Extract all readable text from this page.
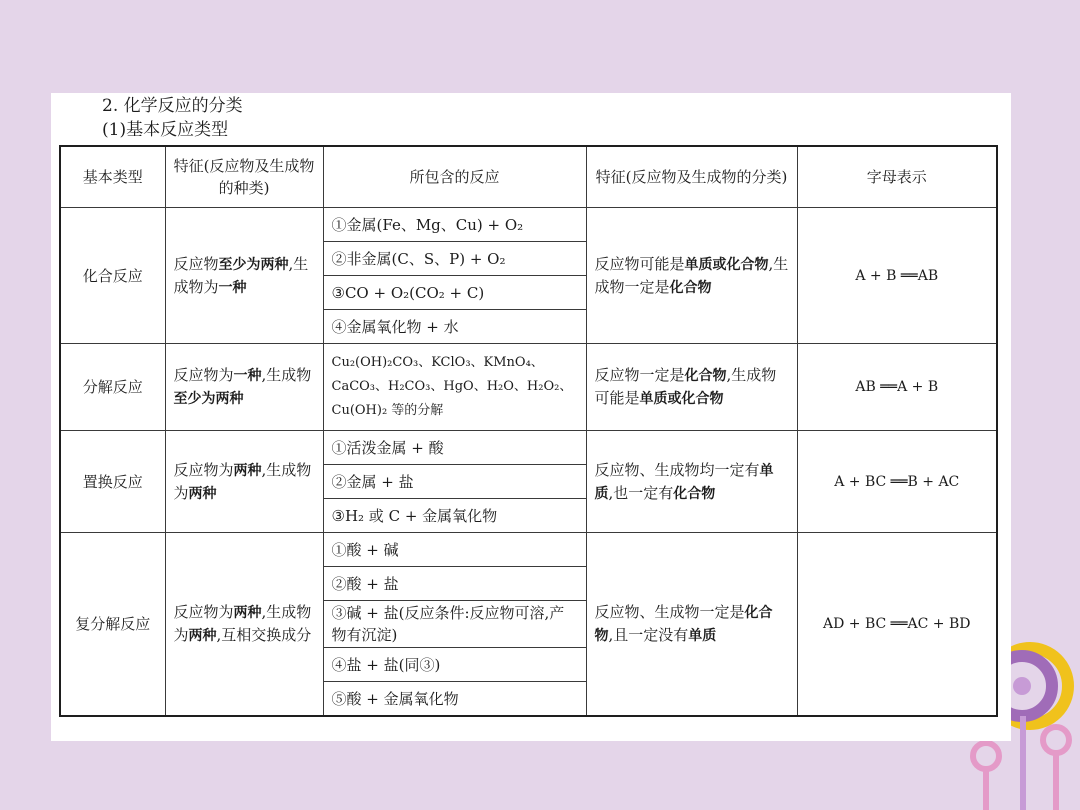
2. 化学反应的分类
(1)基本反应类型
基本类型	特征(反应物及生成物的种类)	所包含的反应	特征(反应物及生成物的分类)	字母表示
化合反应	反应物至少为两种,生成物为一种	①金属(Fe、Mg、Cu) + O₂	反应物可能是单质或化合物,生成物一定是化合物	A + B ══AB
		②非金属(C、S、P) + O₂		
		③CO + O₂(CO₂ + C)		
		④金属氧化物 + 水		
分解反应	反应物为一种,生成物至少为两种	Cu₂(OH)₂CO₃、KClO₃、KMnO₄、CaCO₃、H₂CO₃、HgO、H₂O、H₂O₂、Cu(OH)₂ 等的分解	反应物一定是化合物,生成物可能是单质或化合物	AB ══A + B
置换反应	反应物为两种,生成物为两种	①活泼金属 + 酸	反应物、生成物均一定有单质,也一定有化合物	A + BC ══B + AC
		②金属 + 盐		
		③H₂ 或 C + 金属氧化物		
复分解反应	反应物为两种,生成物为两种,互相交换成分	①酸 + 碱	反应物、生成物一定是化合物,且一定没有单质	AD + BC ══AC + BD
		②酸 + 盐		
		③碱 + 盐(反应条件:反应物可溶,产物有沉淀)		
		④盐 + 盐(同③)		
		⑤酸 + 金属氧化物		
